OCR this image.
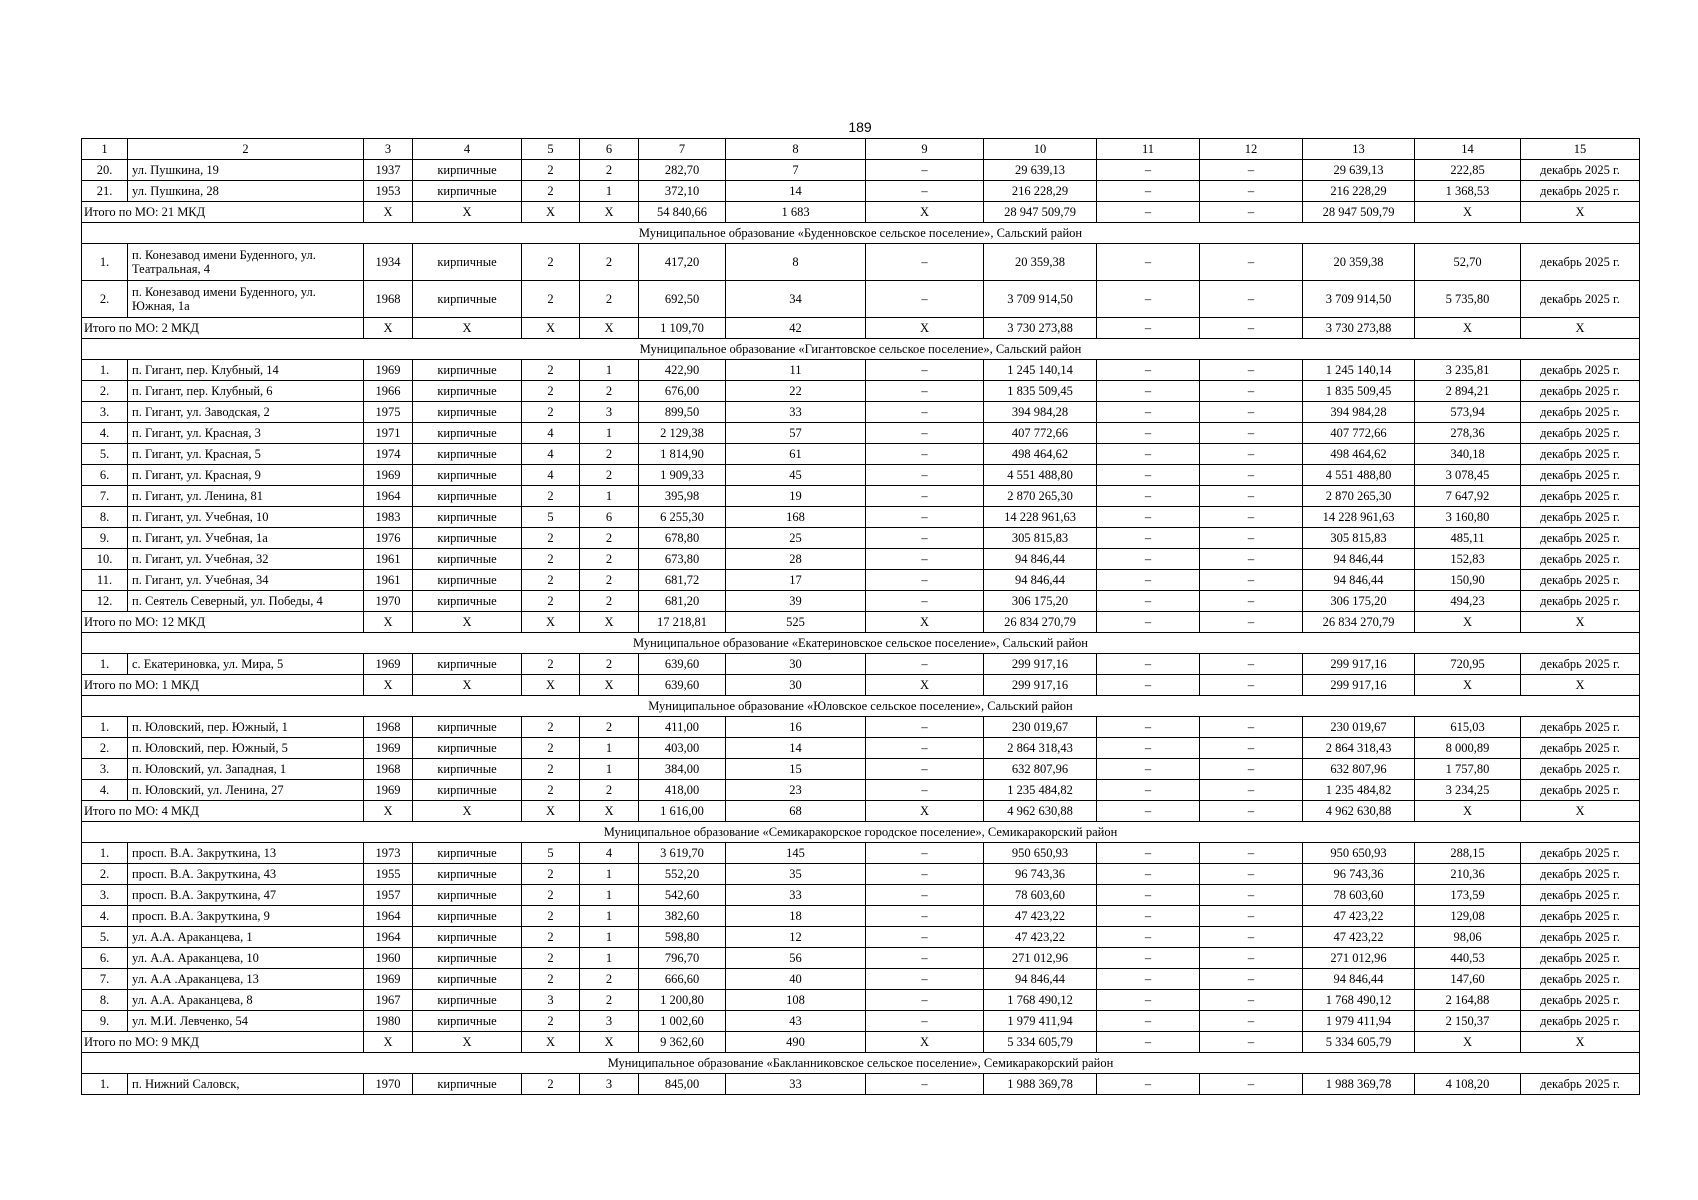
189
1	2	3	4	5	6	7	8	9	10	11	12	13	14	15
20.	ул. Пушкина, 19	1937	кирпичные	2	2	282,70	7	–	29 639,13	–	–	29 639,13	222,85	декабрь 2025 г.
21.	ул. Пушкина, 28	1953	кирпичные	2	1	372,10	14	–	216 228,29	–	–	216 228,29	1 368,53	декабрь 2025 г.
Итого по МО: 21 МКД		X	X	X	X	54 840,66	1 683	X	28 947 509,79	–	–	28 947 509,79	X	X
Муниципальное образование «Буденновское сельское поселение», Сальский район														
1.	п. Конезавод имени Буденного, ул. Театральная, 4	1934	кирпичные	2	2	417,20	8	–	20 359,38	–	–	20 359,38	52,70	декабрь 2025 г.
2.	п. Конезавод имени Буденного, ул. Южная, 1а	1968	кирпичные	2	2	692,50	34	–	3 709 914,50	–	–	3 709 914,50	5 735,80	декабрь 2025 г.
Итого по МО: 2 МКД		X	X	X	X	1 109,70	42	X	3 730 273,88	–	–	3 730 273,88	X	X
Муниципальное образование «Гигантовское сельское поселение», Сальский район														
1.	п. Гигант, пер. Клубный, 14	1969	кирпичные	2	1	422,90	11	–	1 245 140,14	–	–	1 245 140,14	3 235,81	декабрь 2025 г.
2.	п. Гигант, пер. Клубный, 6	1966	кирпичные	2	2	676,00	22	–	1 835 509,45	–	–	1 835 509,45	2 894,21	декабрь 2025 г.
3.	п. Гигант, ул. Заводская, 2	1975	кирпичные	2	3	899,50	33	–	394 984,28	–	–	394 984,28	573,94	декабрь 2025 г.
4.	п. Гигант, ул. Красная, 3	1971	кирпичные	4	1	2 129,38	57	–	407 772,66	–	–	407 772,66	278,36	декабрь 2025 г.
5.	п. Гигант, ул. Красная, 5	1974	кирпичные	4	2	1 814,90	61	–	498 464,62	–	–	498 464,62	340,18	декабрь 2025 г.
6.	п. Гигант, ул. Красная, 9	1969	кирпичные	4	2	1 909,33	45	–	4 551 488,80	–	–	4 551 488,80	3 078,45	декабрь 2025 г.
7.	п. Гигант, ул. Ленина, 81	1964	кирпичные	2	1	395,98	19	–	2 870 265,30	–	–	2 870 265,30	7 647,92	декабрь 2025 г.
8.	п. Гигант, ул. Учебная, 10	1983	кирпичные	5	6	6 255,30	168	–	14 228 961,63	–	–	14 228 961,63	3 160,80	декабрь 2025 г.
9.	п. Гигант, ул. Учебная, 1а	1976	кирпичные	2	2	678,80	25	–	305 815,83	–	–	305 815,83	485,11	декабрь 2025 г.
10.	п. Гигант, ул. Учебная, 32	1961	кирпичные	2	2	673,80	28	–	94 846,44	–	–	94 846,44	152,83	декабрь 2025 г.
11.	п. Гигант, ул. Учебная, 34	1961	кирпичные	2	2	681,72	17	–	94 846,44	–	–	94 846,44	150,90	декабрь 2025 г.
12.	п. Сеятель Северный, ул. Победы, 4	1970	кирпичные	2	2	681,20	39	–	306 175,20	–	–	306 175,20	494,23	декабрь 2025 г.
Итого по МО: 12 МКД		X	X	X	X	17 218,81	525	X	26 834 270,79	–	–	26 834 270,79	X	X
Муниципальное образование «Екатериновское сельское поселение», Сальский район														
1.	с. Екатериновка, ул. Мира, 5	1969	кирпичные	2	2	639,60	30	–	299 917,16	–	–	299 917,16	720,95	декабрь 2025 г.
Итого по МО: 1 МКД		X	X	X	X	639,60	30	X	299 917,16	–	–	299 917,16	X	X
Муниципальное образование «Юловское сельское поселение», Сальский район														
1.	п. Юловский, пер. Южный, 1	1968	кирпичные	2	2	411,00	16	–	230 019,67	–	–	230 019,67	615,03	декабрь 2025 г.
2.	п. Юловский, пер. Южный, 5	1969	кирпичные	2	1	403,00	14	–	2 864 318,43	–	–	2 864 318,43	8 000,89	декабрь 2025 г.
3.	п. Юловский, ул. Западная, 1	1968	кирпичные	2	1	384,00	15	–	632 807,96	–	–	632 807,96	1 757,80	декабрь 2025 г.
4.	п. Юловский, ул. Ленина, 27	1969	кирпичные	2	2	418,00	23	–	1 235 484,82	–	–	1 235 484,82	3 234,25	декабрь 2025 г.
Итого по МО: 4 МКД		X	X	X	X	1 616,00	68	X	4 962 630,88	–	–	4 962 630,88	X	X
Муниципальное образование «Семикаракорское городское поселение», Семикаракорский район														
1.	просп. В.А. Закруткина, 13	1973	кирпичные	5	4	3 619,70	145	–	950 650,93	–	–	950 650,93	288,15	декабрь 2025 г.
2.	просп. В.А. Закруткина, 43	1955	кирпичные	2	1	552,20	35	–	96 743,36	–	–	96 743,36	210,36	декабрь 2025 г.
3.	просп. В.А. Закруткина, 47	1957	кирпичные	2	1	542,60	33	–	78 603,60	–	–	78 603,60	173,59	декабрь 2025 г.
4.	просп. В.А. Закруткина, 9	1964	кирпичные	2	1	382,60	18	–	47 423,22	–	–	47 423,22	129,08	декабрь 2025 г.
5.	ул. А.А. Араканцева, 1	1964	кирпичные	2	1	598,80	12	–	47 423,22	–	–	47 423,22	98,06	декабрь 2025 г.
6.	ул. А.А. Араканцева, 10	1960	кирпичные	2	1	796,70	56	–	271 012,96	–	–	271 012,96	440,53	декабрь 2025 г.
7.	ул. А.А .Араканцева, 13	1969	кирпичные	2	2	666,60	40	–	94 846,44	–	–	94 846,44	147,60	декабрь 2025 г.
8.	ул. А.А. Араканцева, 8	1967	кирпичные	3	2	1 200,80	108	–	1 768 490,12	–	–	1 768 490,12	2 164,88	декабрь 2025 г.
9.	ул. М.И. Левченко, 54	1980	кирпичные	2	3	1 002,60	43	–	1 979 411,94	–	–	1 979 411,94	2 150,37	декабрь 2025 г.
Итого по МО: 9 МКД		X	X	X	X	9 362,60	490	X	5 334 605,79	–	–	5 334 605,79	X	X
Муниципальное образование «Бакланниковское сельское поселение», Семикаракорский район														
1.	п. Нижний Саловск,	1970	кирпичные	2	3	845,00	33	–	1 988 369,78	–	–	1 988 369,78	4 108,20	декабрь 2025 г.
